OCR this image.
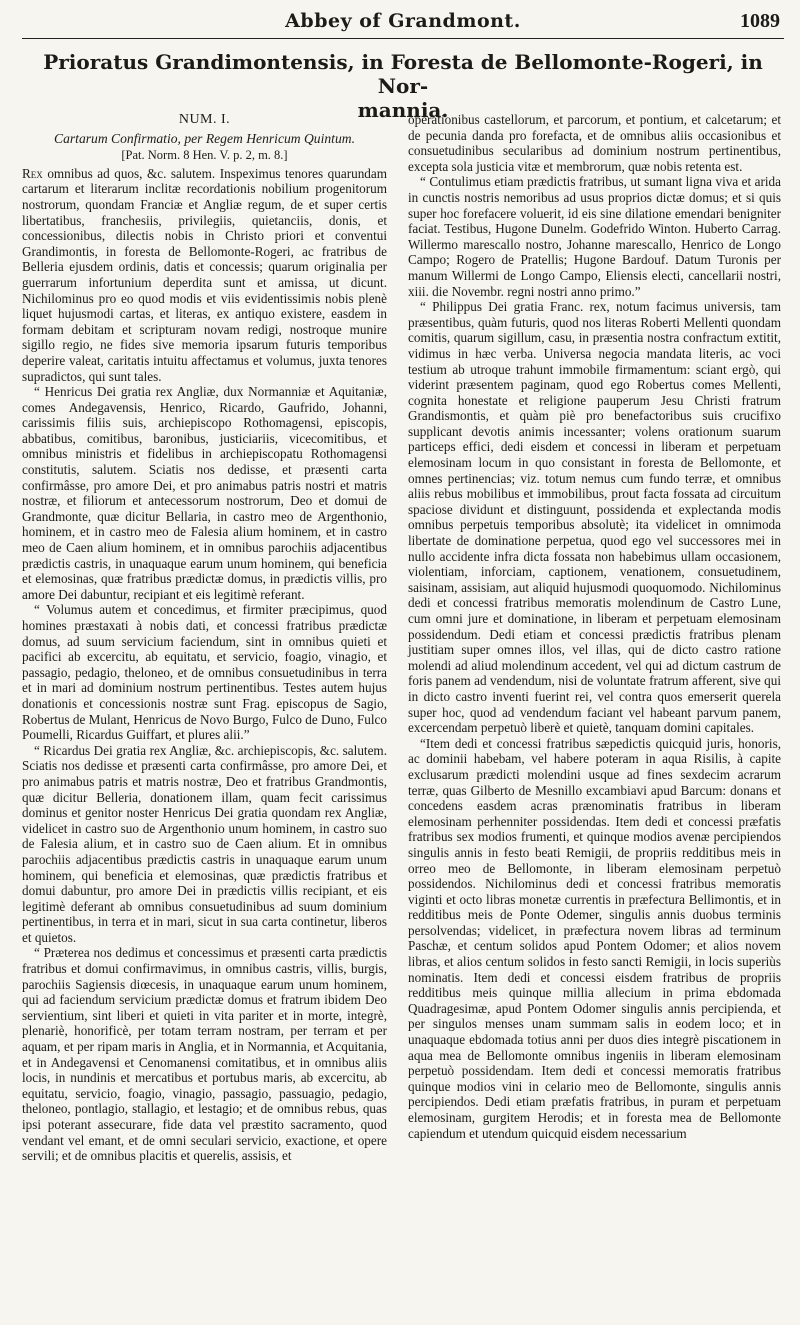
Abbey of Grandmont.	1089
Prioratus Grandimontensis, in Foresta de Bellomonte-Rogeri, in Nor-
mannia.
NUM. I.
Cartarum Confirmatio, per Regem Henricum Quintum.
[Pat. Norm. 8 Hen. V. p. 2, m. 8.]

Rex omnibus ad quos, &c. salutem. Inspeximus tenores quarundam cartarum et literarum inclitæ recordationis nobilium progenitorum nostrorum, quondam Franciæ et Angliæ regum, de et super certis libertatibus, franchesiis, privilegiis, quietanciis, donis, et concessionibus, dilectis nobis in Christo priori et conventui Grandimontis, in foresta de Bellomonte-Rogeri, ac fratribus de Belleria ejusdem ordinis, datis et concessis; quarum originalia per guerrarum infortunium deperdita sunt et amissa, ut dicunt. Nichilominus pro eo quod modis et viis evidentissimis nobis plenè liquet hujusmodi cartas, et literas, ex antiquo existere, easdem in formam debitam et scripturam novam redigi, nostroque munire sigillo regio, ne fides sive memoria ipsarum futuris temporibus deperire valeat, caritatis intuitu affectamus et volumus, juxta tenores supradictos, qui sunt tales.

“ Henricus Dei gratia rex Angliæ, dux Normanniæ et Aquitaniæ, comes Andegavensis, Henrico, Ricardo, Gaufrido, Johanni, carissimis filiis suis, archiepiscopo Rothomagensi, episcopis, abbatibus, comitibus, baronibus, justiciariis, vicecomitibus, et omnibus ministris et fidelibus in archiepiscopatu Rothomagensi constitutis, salutem. Sciatis nos dedisse, et præsenti carta confirmâsse, pro amore Dei, et pro animabus patris nostri et matris nostræ, et filiorum et antecessorum nostrorum, Deo et domui de Grandmonte, quæ dicitur Bellaria, in castro meo de Argenthonio, hominem, et in castro meo de Falesia alium hominem, et in castro meo de Caen alium hominem, et in omnibus parochiis adjacentibus prædictis castris, in unaquaque earum unum hominem, qui beneficia et elemosinas, quæ fratribus prædictæ domus, in prædictis villis, pro amore Dei dabuntur, recipiant et eis legitimè referant.

“ Volumus autem et concedimus, et firmiter præcipimus, quod homines præstaxati à nobis dati, et concessi fratribus prædictæ domus, ad suum servicium faciendum, sint in omnibus quieti et pacifici ab excercitu, ab equitatu, et servicio, foagio, vinagio, et passagio, pedagio, theloneo, et de omnibus consuetudinibus in terra et in mari ad dominium nostrum pertinentibus. Testes autem hujus donationis et concessionis nostræ sunt Frag. episcopus de Sagio, Robertus de Mulant, Henricus de Novo Burgo, Fulco de Duno, Fulco Poumelli, Ricardus Guiffart, et plures alii.”

“ Ricardus Dei gratia rex Angliæ, &c. archiepiscopis, &c. salutem. Sciatis nos dedisse et præsenti carta confirmâsse, pro amore Dei, et pro animabus patris et matris nostræ, Deo et fratribus Grandmontis, quæ dicitur Belleria, donationem illam, quam fecit carissimus dominus et genitor noster Henricus Dei gratia quondam rex Angliæ, videlicet in castro suo de Argenthonio unum hominem, in castro suo de Falesia alium, et in castro suo de Caen alium. Et in omnibus parochiis adjacentibus prædictis castris in unaquaque earum unum hominem, qui beneficia et elemosinas, quæ prædictis fratribus et domui dabuntur, pro amore Dei in prædictis villis recipiant, et eis legitimè deferant ab omnibus consuetudinibus ad suum dominium pertinentibus, in terra et in mari, sicut in sua carta continetur, liberos et quietos.

“ Præterea nos dedimus et concessimus et præsenti carta prædictis fratribus et domui confirmavimus, in omnibus castris, villis, burgis, parochiis Sagiensis diœcesis, in unaquaque earum unum hominem, qui ad faciendum servicium prædictæ domus et fratrum ibidem Deo servientium, sint liberi et quieti in vita pariter et in morte, integrè, plenariè, honorificè, per totam terram nostram, per terram et per aquam, et per ripam maris in Anglia, et in Normannia, et Acquitania, et in Andegavensi et Cenomanensi comitatibus, et in omnibus aliis locis, in nundinis et mercatibus et portubus maris, ab excercitu, ab equitatu, servicio, foagio, vinagio, passagio, passuagio, pedagio, theloneo, pontlagio, stallagio, et lestagio; et de omnibus rebus, quas ipsi poterant assecurare, fide data vel præstito sacramento, quod vendant vel emant, et de omni seculari servicio, exactione, et opere servili; et de omnibus placitis et querelis, assisis, et

operationibus castellorum, et parcorum, et pontium, et calcetarum; et de pecunia danda pro forefacta, et de omnibus aliis occasionibus et consuetudinibus secularibus ad dominium nostrum pertinentibus, excepta sola justicia vitæ et membrorum, quæ nobis retenta est.

“ Contulimus etiam prædictis fratribus, ut sumant ligna viva et arida in cunctis nostris nemoribus ad usus proprios dictæ domus; et si quis super hoc forefacere voluerit, id eis sine dilatione emendari benigniter faciat. Testibus, Hugone Dunelm. Godefrido Winton. Huberto Carrag. Willermo marescallo nostro, Johanne marescallo, Henrico de Longo Campo; Rogero de Pratellis; Hugone Bardouf. Datum Turonis per manum Willermi de Longo Campo, Eliensis electi, cancellarii nostri, xiii. die Novembr. regni nostri anno primo.”

“ Philippus Dei gratia Franc. rex, notum facimus universis, tam præsentibus, quàm futuris, quod nos literas Roberti Mellenti quondam comitis, quarum sigillum, casu, in præsentia nostra confractum extitit, vidimus in hæc verba. Universa negocia mandata literis, ac voci testium ab utroque trahunt immobile firmamentum: sciant ergò, qui viderint præsentem paginam, quod ego Robertus comes Mellenti, cognita honestate et religione pauperum Jesu Christi fratrum Grandismontis, et quàm piè pro benefactoribus suis crucifixo supplicant devotis animis incessanter; volens orationum suarum particeps effici, dedi eisdem et concessi in liberam et perpetuam elemosinam locum in quo consistant in foresta de Bellomonte, et omnes pertinencias; viz. totum nemus cum fundo terræ, et omnibus aliis rebus mobilibus et immobilibus, prout facta fossata ad circuitum spaciose dividunt et distinguunt, possidenda et explectanda modis omnibus perpetuis temporibus absolutè; ita videlicet in omnimoda libertate de dominatione perpetua, quod ego vel successores mei in nullo accidente infra dicta fossata non habebimus ullam occasionem, violentiam, inforciam, captionem, venationem, consuetudinem, saisinam, assisiam, aut aliquid hujusmodi quoquomodo. Nichilominus dedi et concessi fratribus memoratis molendinum de Castro Lune, cum omni jure et dominatione, in liberam et perpetuam elemosinam possidendum. Dedi etiam et concessi prædictis fratribus plenam justitiam super omnes illos, vel illas, qui de dicto castro ratione molendi ad aliud molendinum accedent, vel qui ad dictum castrum de foris panem ad vendendum, nisi de voluntate fratrum afferent, sive qui in dicto castro inventi fuerint rei, vel contra quos emerserit querela super hoc, quod ad vendendum faciant vel habeant parvum panem, excercendam perpetuò liberè et quietè, tanquam domini capitales.

“Item dedi et concessi fratribus sæpedictis quicquid juris, honoris, ac dominii habebam, vel habere poteram in aqua Risilis, à capite exclusarum prædicti molendini usque ad fines sexdecim acrarum terræ, quas Gilberto de Mesnillo excambiavi apud Barcum: donans et concedens easdem acras prænominatis fratribus in liberam elemosinam perhenniter possidendas. Item dedi et concessi præfatis fratribus sex modios frumenti, et quinque modios avenæ percipiendos singulis annis in festo beati Remigii, de propriis redditibus meis in orreo meo de Bellomonte, in liberam elemosinam perpetuò possidendos. Nichilominus dedi et concessi fratribus memoratis viginti et octo libras monetæ currentis in præfectura Bellimontis, et in redditibus meis de Ponte Odemer, singulis annis duobus terminis persolvendas; videlicet, in præfectura novem libras ad terminum Paschæ, et centum solidos apud Pontem Odomer; et alios novem libras, et alios centum solidos in festo sancti Remigii, in locis superiùs nominatis. Item dedi et concessi eisdem fratribus de propriis redditibus meis quinque millia allecium in prima ebdomada Quadragesimæ, apud Pontem Odomer singulis annis percipienda, et per singulos menses unam summam salis in eodem loco; et in unaquaque ebdomada totius anni per duos dies integrè piscationem in aqua mea de Bellomonte omnibus ingeniis in liberam elemosinam perpetuò possidendam. Item dedi et concessi memoratis fratribus quinque modios vini in celario meo de Bellomonte, singulis annis percipiendos. Dedi etiam præfatis fratribus, in puram et perpetuam elemosinam, gurgitem Herodis; et in foresta mea de Bellomonte capiendum et utendum quicquid eisdem necessarium
